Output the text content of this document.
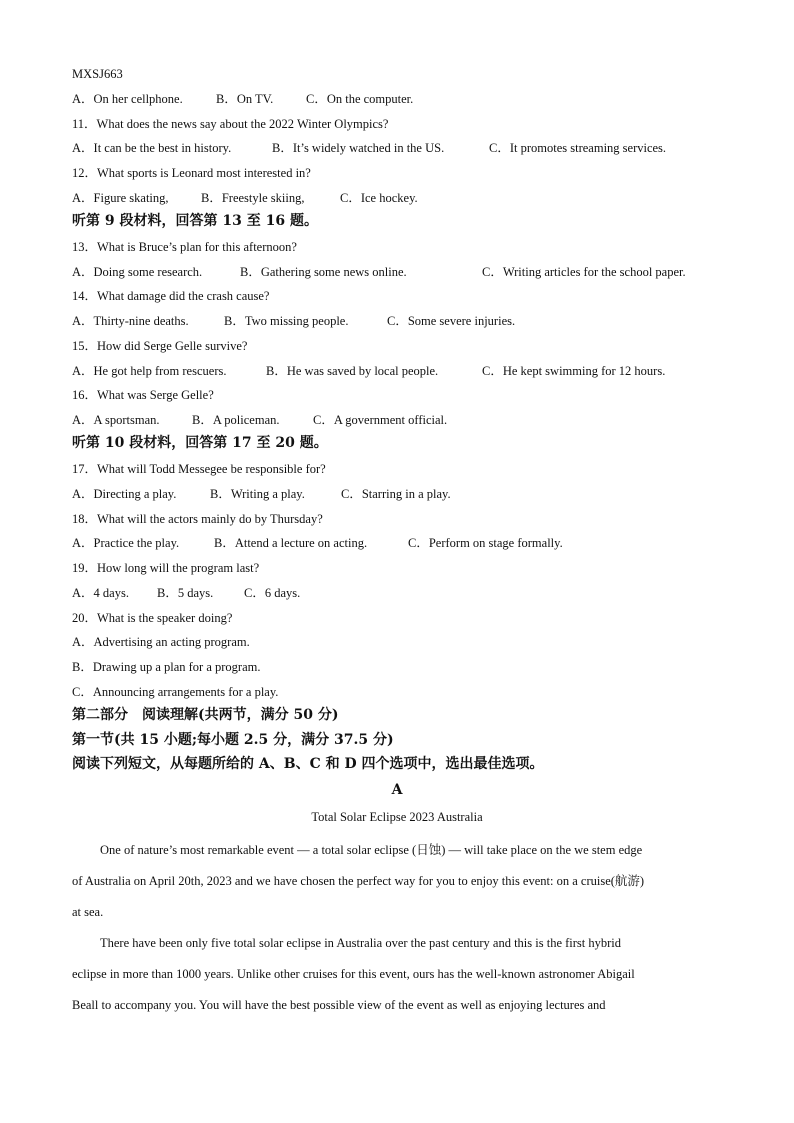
MXSJ663
A．On her cellphone.	B．On TV.	C．On the computer.
11．What does the news say about the 2022 Winter Olympics?
A．It can be the best in history.	B．It’s widely watched in the US.	C．It promotes streaming services.
12．What sports is Leonard most interested in?
A．Figure skating,	B．Freestyle skiing,	C．Ice hockey.
听第 9 段材料，回答第 13 至 16 题。
13．What is Bruce’s plan for this afternoon?
A．Doing some research.	B．Gathering some news online.	C．Writing articles for the school paper.
14．What damage did the crash cause?
A．Thirty-nine deaths.	B．Two missing people.	C．Some severe injuries.
15．How did Serge Gelle survive?
A．He got help from rescuers.	B．He was saved by local people.	C．He kept swimming for 12 hours.
16．What was Serge Gelle?
A．A sportsman.	B．A policeman.	C．A government official.
听第 10 段材料，回答第 17 至 20 题。
17．What will Todd Messegee be responsible for?
A．Directing a play.	B．Writing a play.	C．Starring in a play.
18．What will the actors mainly do by Thursday?
A．Practice the play.	B．Attend a lecture on acting.	C．Perform on stage formally.
19．How long will the program last?
A．4 days. B．5 days. C．6 days.
20．What is the speaker doing?
A．Advertising an acting program.
B．Drawing up a plan for a program.
C．Announcing arrangements for a play.
第二部分　阅读理解(共两节，满分 50 分)
第一节(共 15 小题;每小题 2.5 分，满分 37.5 分)
阅读下列短文，从每题所给的 A、B、C 和 D 四个选项中，选出最佳选项。
A
Total Solar Eclipse 2023 Australia
One of nature’s most remarkable event — a total solar eclipse (日蚀) — will take place on the we stem edge
of Australia on April 20th, 2023 and we have chosen the perfect way for you to enjoy this event: on a cruise(航游)
at sea.
There have been only five total solar eclipse in Australia over the past century and this is the first hybrid
eclipse in more than 1000 years. Unlike other cruises for this event, ours has the well-known astronomer Abigail
Beall to accompany you. You will have the best possible view of the event as well as enjoying lectures and
